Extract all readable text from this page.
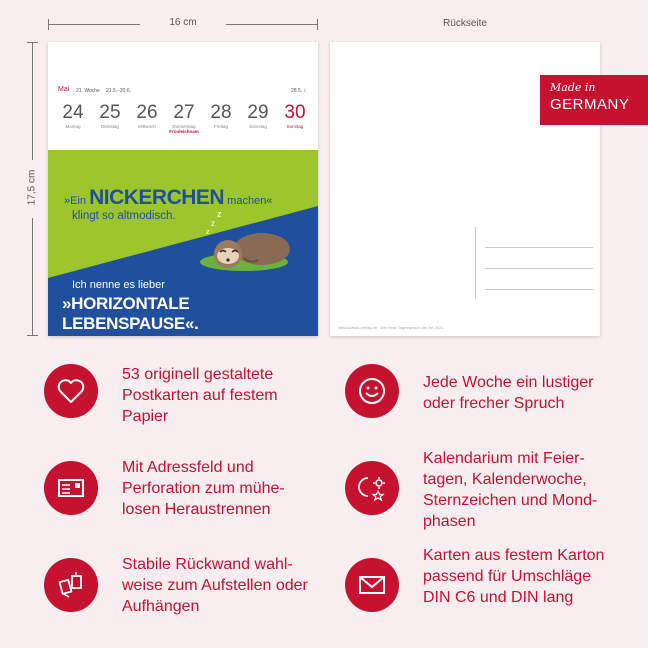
16 cm
17,5 cm
Rückseite
Mai 21. Woche 21.5.–20.6.	28.5. ☾
24
Montag
25
Dienstag
26
Mittwoch
27
Donnerstag
Fronleichnam
28
Freitag
29
Samstag
30
Sonntag
z
z
z
»Ein NICKERCHEN machen«
klingt so altmodisch.
Ich nenne es lieber
»HORIZONTALE LEBENSPAUSE«.	www.korsch-verlag.de · Der fiese Tagesspruch der Art 2021
Made in
GERMANY
53 originell gestaltete Postkarten auf festem Papier
Jede Woche ein lustiger oder frecher Spruch
Mit Adressfeld und Perforation zum mühe-losen Heraustrennen
Kalendarium mit Feier-tagen, Kalenderwoche, Sternzeichen und Mond-phasen
Stabile Rückwand wahl-weise zum Aufstellen oder Aufhängen
Karten aus festem Karton passend für Umschläge DIN C6 und DIN lang
